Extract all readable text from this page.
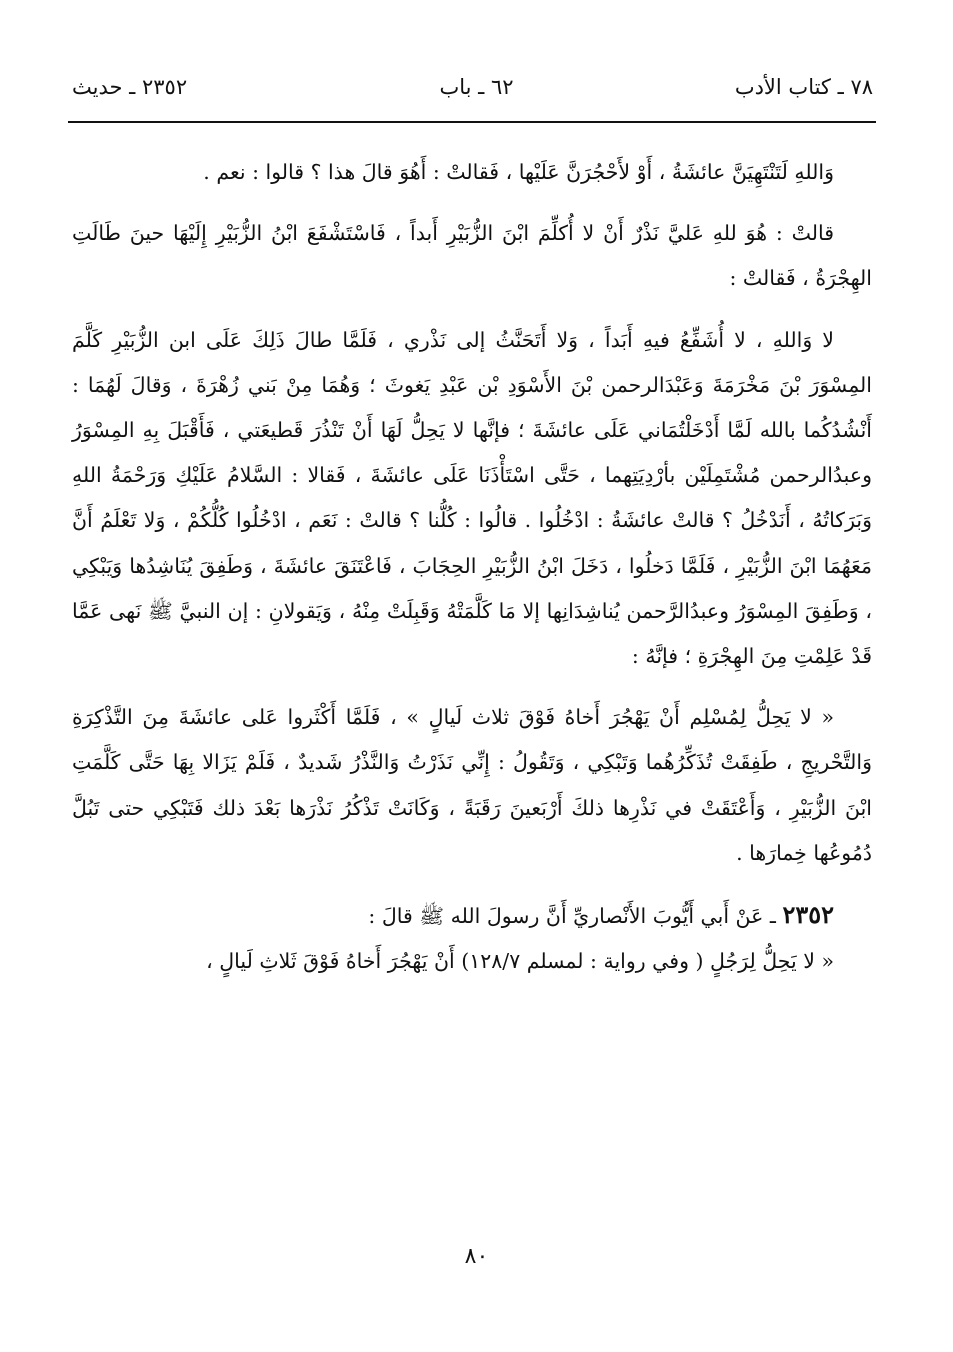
٧٨ ـ كتاب الأدب
٦٢ ـ باب
٢٣٥٢ ـ حديث

وَاللهِ لَتَنْتَهِيَنَّ عائشَةُ ، أَوْ لأَحْجُرَنَّ عَلَيْها ، فَقالتْ : أَهُوَ قالَ هذا ؟ قالوا : نعم .

قالتْ : هُوَ للهِ عَليَّ نَذْرٌ أَنْ لا أُكلِّمَ ابْنَ الزُّبَيْرِ أَبداً ، فَاسْتَشْفَعَ ابْنُ الزُّبَيْرِ إِلَيْهَا حينَ طَالَتِ الهِجْرَةُ ، فَقالتْ :

لا وَاللهِ ، لا أُشَفِّعُ فيهِ أَبَداً ، وَلا أَتَحَنَّثُ إلى نَذْري ، فَلَمَّا طالَ ذَلِكَ عَلَى ابن الزُّبَيْرِ كَلَّمَ المِسْوَرَ بْنَ مَخْرَمَةَ وَعَبْدَالرحمن بْنَ الأَسْوَدِ بْن عَبْدِ يَغوثَ ؛ وَهُمَا مِنْ بَني زُهْرَةَ ، وَقالَ لَهُمَا : أَنْشُدُكُما بالله لَمَّا أَدْخَلْتُمَاني عَلَى عائشَةَ ؛ فإنَّها لا يَحِلُّ لَهَا أَنْ تَنْذُرَ قَطيعَتي ، فَأَقْبَلَ بِهِ المِسْوَرُ وعبدُالرحمن مُشْتَمِلَيْن بأرْدِيَتِهما ، حَتَّى اسْتَأْذَنَا عَلَى عائشَةَ ، فَقالا : السَّلامُ عَلَيْكِ وَرَحْمَةُ اللهِ وَبَرَكاتُهُ ، أَنَدْخُلُ ؟ قالتْ عائشَةُ : ادْخُلُوا . قالُوا : كُلُّنا ؟ قالتْ : نَعَم ، ادْخُلُوا كُلُّكُمْ ، وَلا تَعْلَمُ أَنَّ مَعَهُمَا ابْنَ الزُّبَيْرِ ، فَلَمَّا دَخلُوا ، دَخَلَ ابْنُ الزُّبَيْرِ الحِجَابَ ، فَاعْتَنَقَ عائشَةَ ، وَطَفِقَ يُنَاشِدُها وَيَبْكِي ، وَطَفِقَ المِسْوَرُ وعبدُالرَّحمن يُناشِدَانِها إلا مَا كَلَّمَتْهُ وَقَبِلَتْ مِنْهُ ، وَيَقولانِ : إن النبيَّ ﷺ نَهى عَمَّا قَدْ عَلِمْتِ مِنَ الهِجْرَةِ ؛ فإنَّهُ :

« لا يَحِلُّ لِمُسْلِم أَنْ يَهْجُرَ أَخاهُ فَوْقَ ثلاث لَيالٍ » ، فَلَمَّا أَكْثَروا عَلى عائشَةَ مِنَ التَّذْكِرَةِ وَالتَّحْريجِ ، طَفِقَتْ تُذَكِّرُهُما وَتَبْكِي ، وَتَقُولُ : إِنِّي نَذَرْتُ وَالنَّذْرُ شَديدٌ ، فَلَمْ يَزَالا بِهَا حَتَّى كَلَّمَتِ ابْنَ الزُّبَيْرِ ، وَأَعْتَقَتْ في نَذْرِها ذلكَ أَرْبَعينَ رَقَبَةً ، وَكَانَتْ تَذْكُرُ نَذْرَها بَعْدَ ذلك فَتَبْكِي حتى تَبُلَّ دُمُوعُها خِمارَها .

٢٣٥٢ ـ عَنْ أَبي أَيُّوبَ الأَنْصاريِّ أَنَّ رسولَ الله ﷺ قالَ :

« لا يَحِلُّ لِرَجُلٍ ( وفي رواية : لمسلم ١٢٨/٧) أَنْ يَهْجُرَ أَخاهُ فَوْقَ ثَلاثِ لَيالٍ ،

٨٠
